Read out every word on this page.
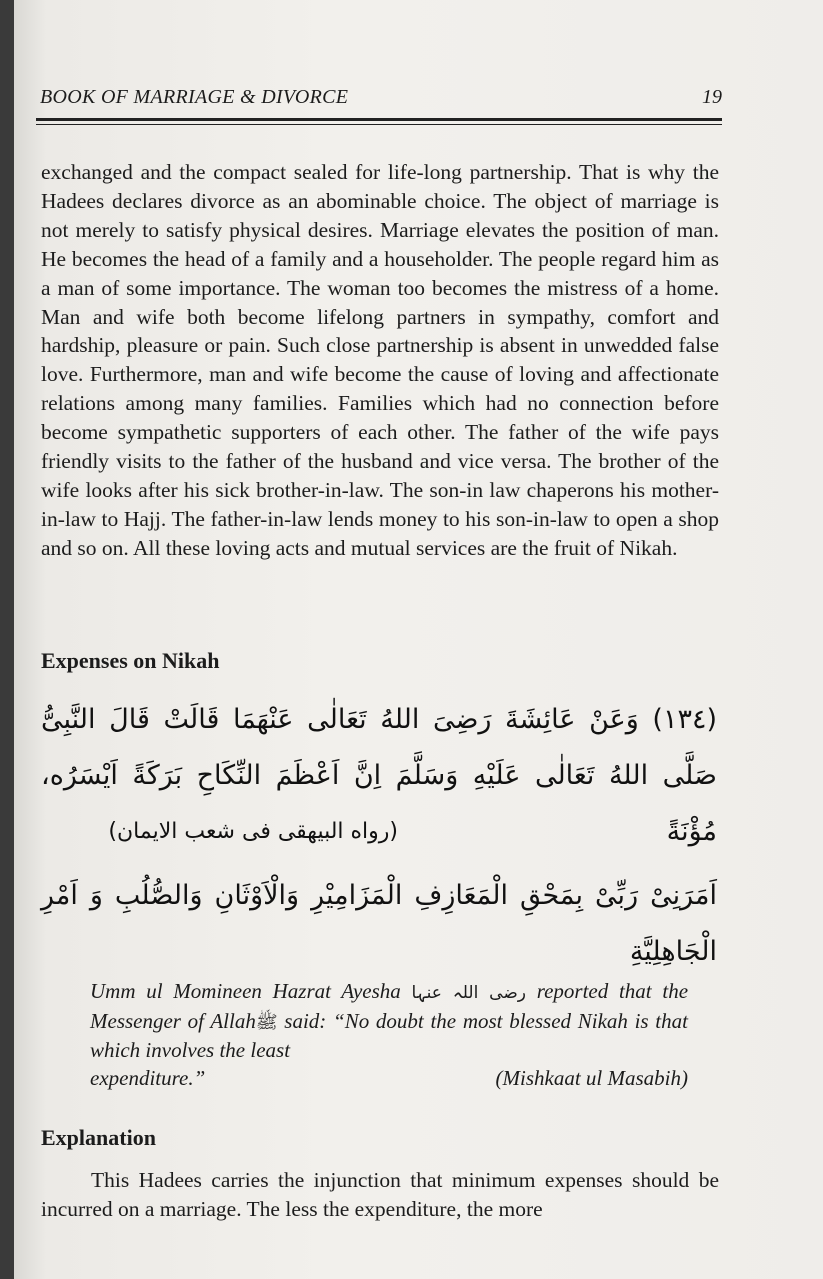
BOOK OF MARRIAGE & DIVORCE	19

exchanged and the compact sealed for life-long partnership. That is why the Hadees declares divorce as an abominable choice. The object of marriage is not merely to satisfy physical desires. Marriage elevates the position of man. He becomes the head of a family and a householder. The people regard him as a man of some importance. The woman too becomes the mistress of a home. Man and wife both become lifelong partners in sympathy, comfort and hardship, pleasure or pain. Such close partnership is absent in unwedded false love. Furthermore, man and wife become the cause of loving and affectionate relations among many families. Families which had no connection before become sympathetic supporters of each other. The father of the wife pays friendly visits to the father of the husband and vice versa. The brother of the wife looks after his sick brother-in-law. The son-in law chaperons his mother-in-law to Hajj. The father-in-law lends money to his son-in-law to open a shop and so on. All these loving acts and mutual services are the fruit of Nikah.

Expenses on Nikah

(١٣٤) وَعَنْ عَائِشَةَ رَضِیَ اللهُ تَعَالٰی عَنْهَمَا قَالَتْ قَالَ النَّبِیُّ صَلَّی اللهُ تَعَالٰی عَلَيْهِ وَسَلَّمَ اِنَّ اَعْظَمَ النِّكَاحِ بَرَكَةً اَيْسَرُه، مُؤْنَةً
(رواه البیهقی فی شعب الايمان)
اَمَرَنِیْ رَبِّیْ بِمَحْقِ الْمَعَازِفِ الْمَزَامِيْرِ وَالْاَوْثَانِ وَالصُّلُبِ وَ اَمْرِ الْجَاهِلِيَّةِ
Umm ul Momineen Hazrat Ayesha رضی اللہ عنہا reported that the Messenger of Allahﷺ said: “No doubt the most blessed Nikah is that which involves the least
expenditure.”	(Mishkaat ul Masabih)

Explanation

This Hadees carries the injunction that minimum expenses should be incurred on a marriage. The less the expenditure, the more
